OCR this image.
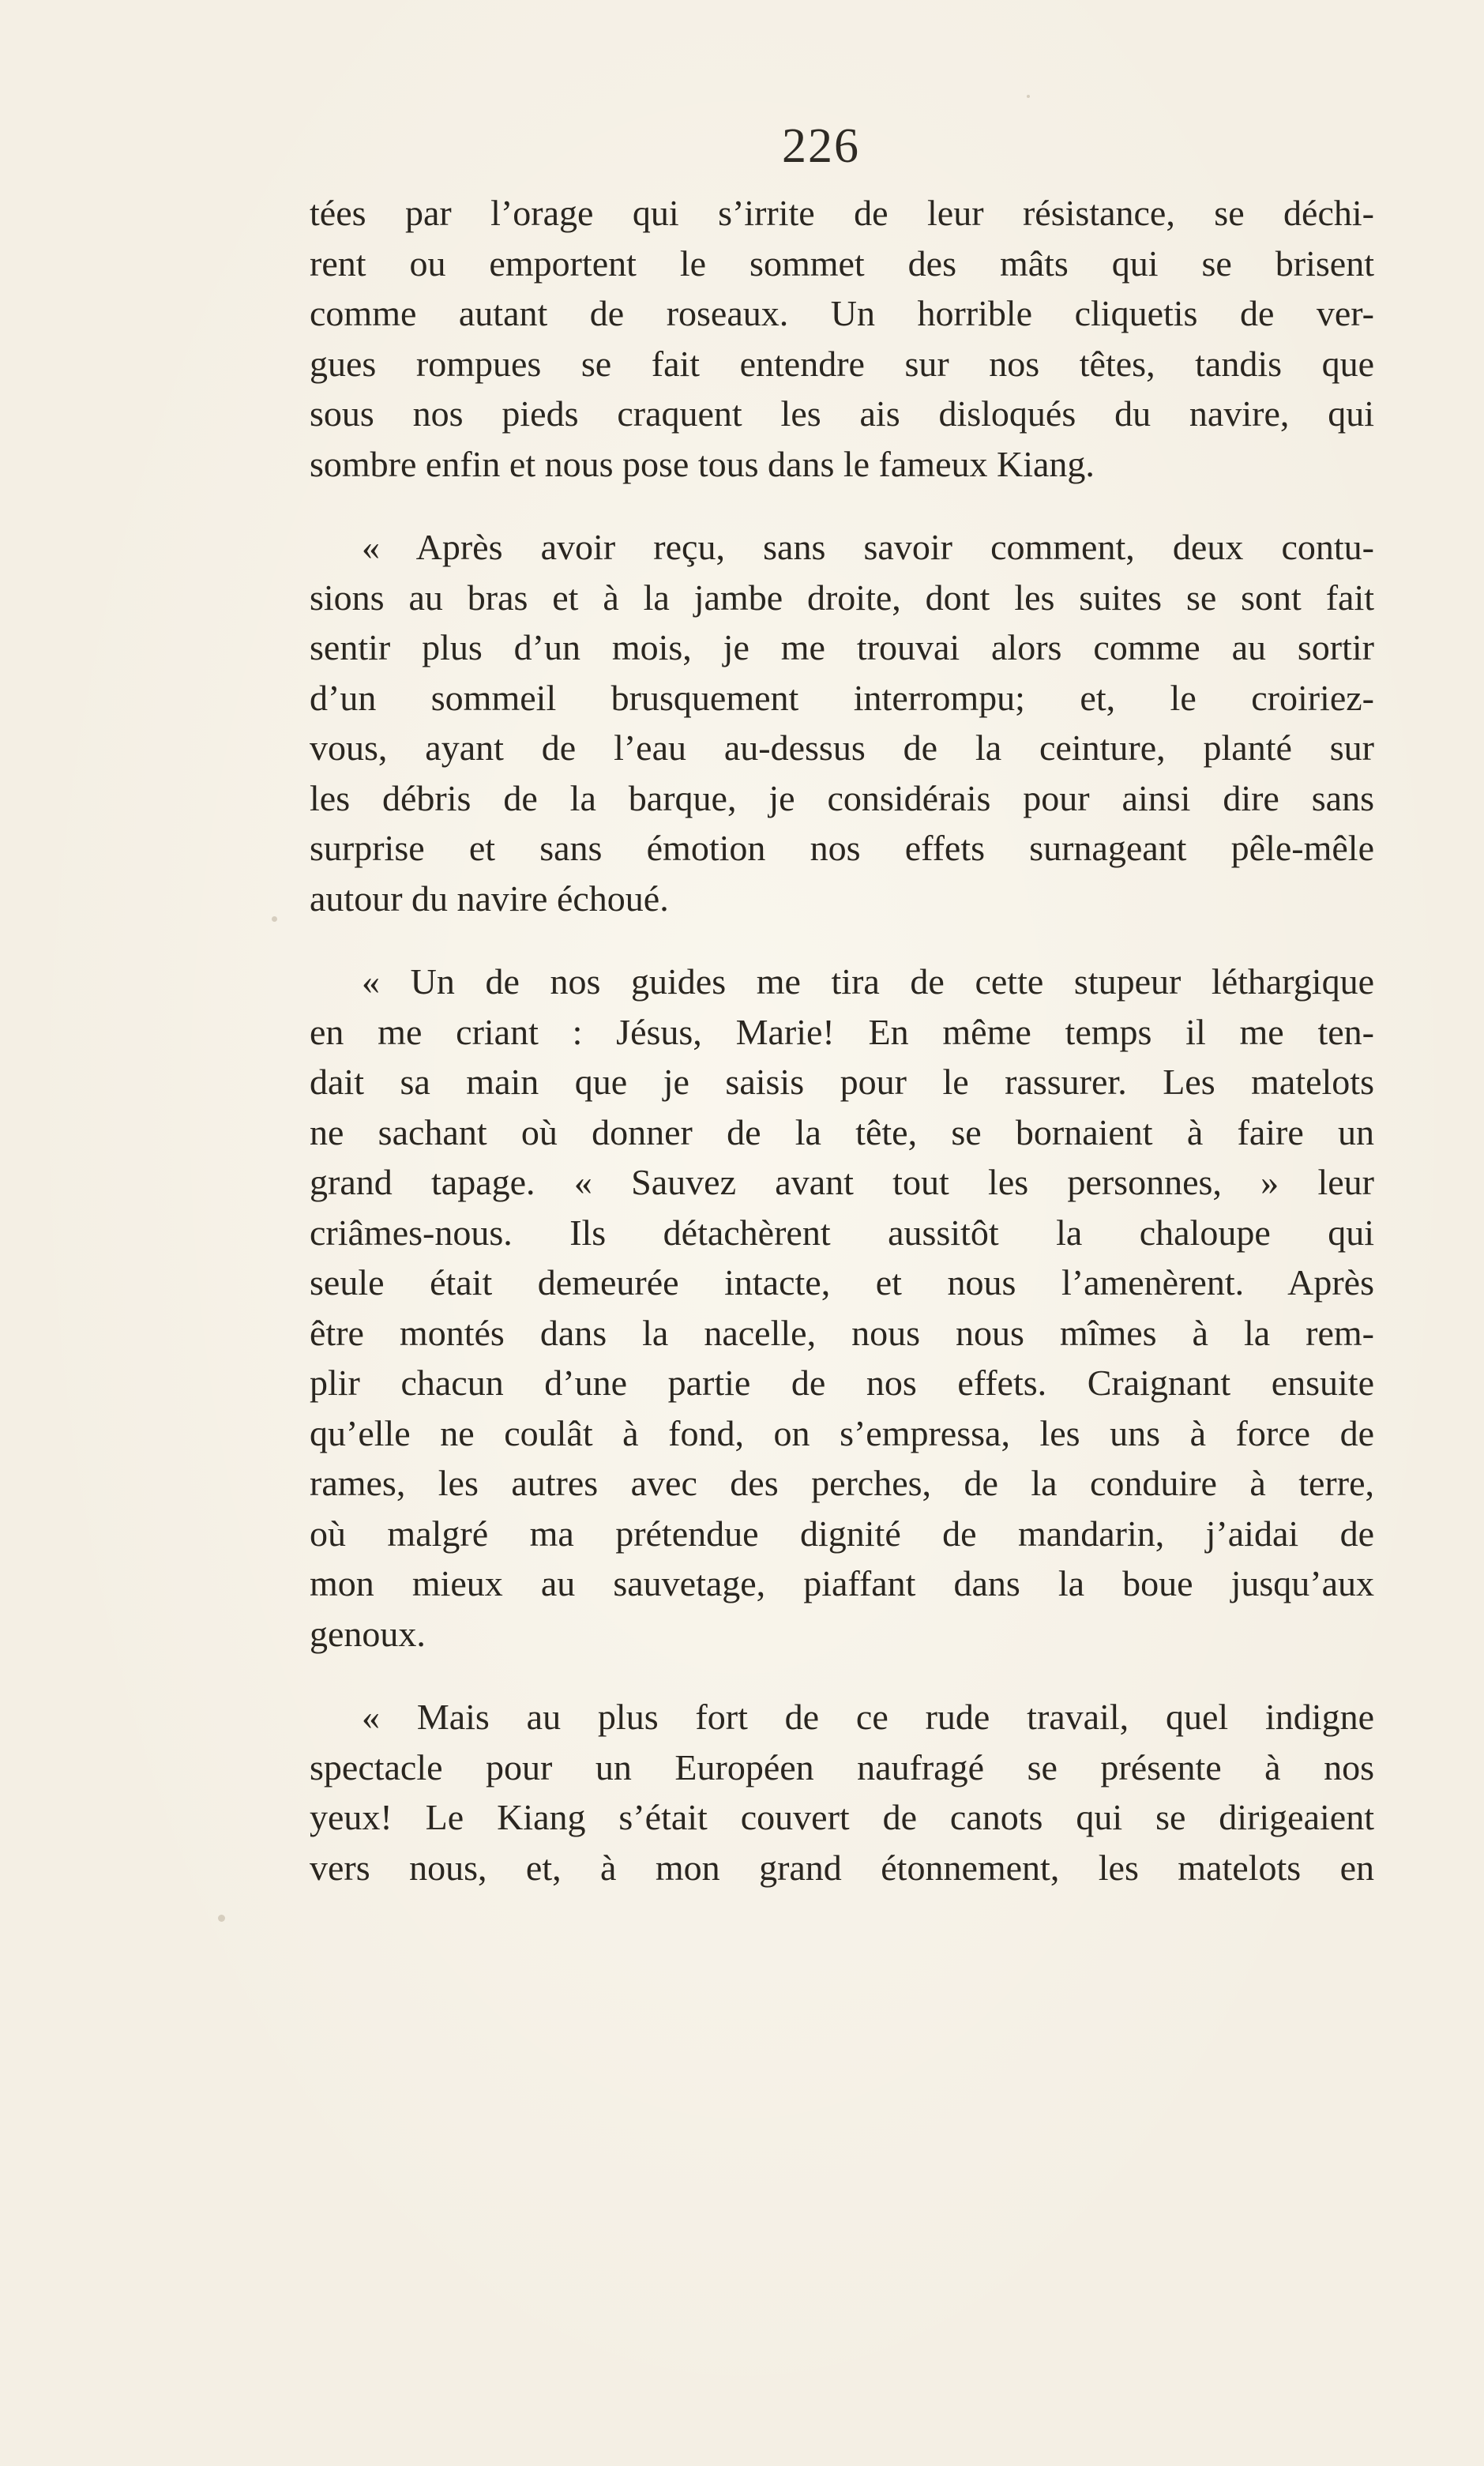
226

tées par l’orage qui s’irrite de leur résistance, se déchi-
rent ou emportent le sommet des mâts qui se brisent
comme autant de roseaux. Un horrible cliquetis de ver-
gues rompues se fait entendre sur nos têtes, tandis que
sous nos pieds craquent les ais disloqués du navire, qui
sombre enfin et nous pose tous dans le fameux Kiang.

« Après avoir reçu, sans savoir comment, deux contu-
sions au bras et à la jambe droite, dont les suites se sont fait
sentir plus d’un mois, je me trouvai alors comme au sortir
d’un sommeil brusquement interrompu; et, le croiriez-
vous, ayant de l’eau au-dessus de la ceinture, planté sur
les débris de la barque, je considérais pour ainsi dire sans
surprise et sans émotion nos effets surnageant pêle-mêle
autour du navire échoué.

« Un de nos guides me tira de cette stupeur léthargique
en me criant : Jésus, Marie! En même temps il me ten-
dait sa main que je saisis pour le rassurer. Les matelots
ne sachant où donner de la tête, se bornaient à faire un
grand tapage. « Sauvez avant tout les personnes, » leur
criâmes-nous. Ils détachèrent aussitôt la chaloupe qui
seule était demeurée intacte, et nous l’amenèrent. Après
être montés dans la nacelle, nous nous mîmes à la rem-
plir chacun d’une partie de nos effets. Craignant ensuite
qu’elle ne coulât à fond, on s’empressa, les uns à force de
rames, les autres avec des perches, de la conduire à terre,
où malgré ma prétendue dignité de mandarin, j’aidai de
mon mieux au sauvetage, piaffant dans la boue jusqu’aux
genoux.

« Mais au plus fort de ce rude travail, quel indigne
spectacle pour un Européen naufragé se présente à nos
yeux! Le Kiang s’était couvert de canots qui se dirigeaient
vers nous, et, à mon grand étonnement, les matelots en
